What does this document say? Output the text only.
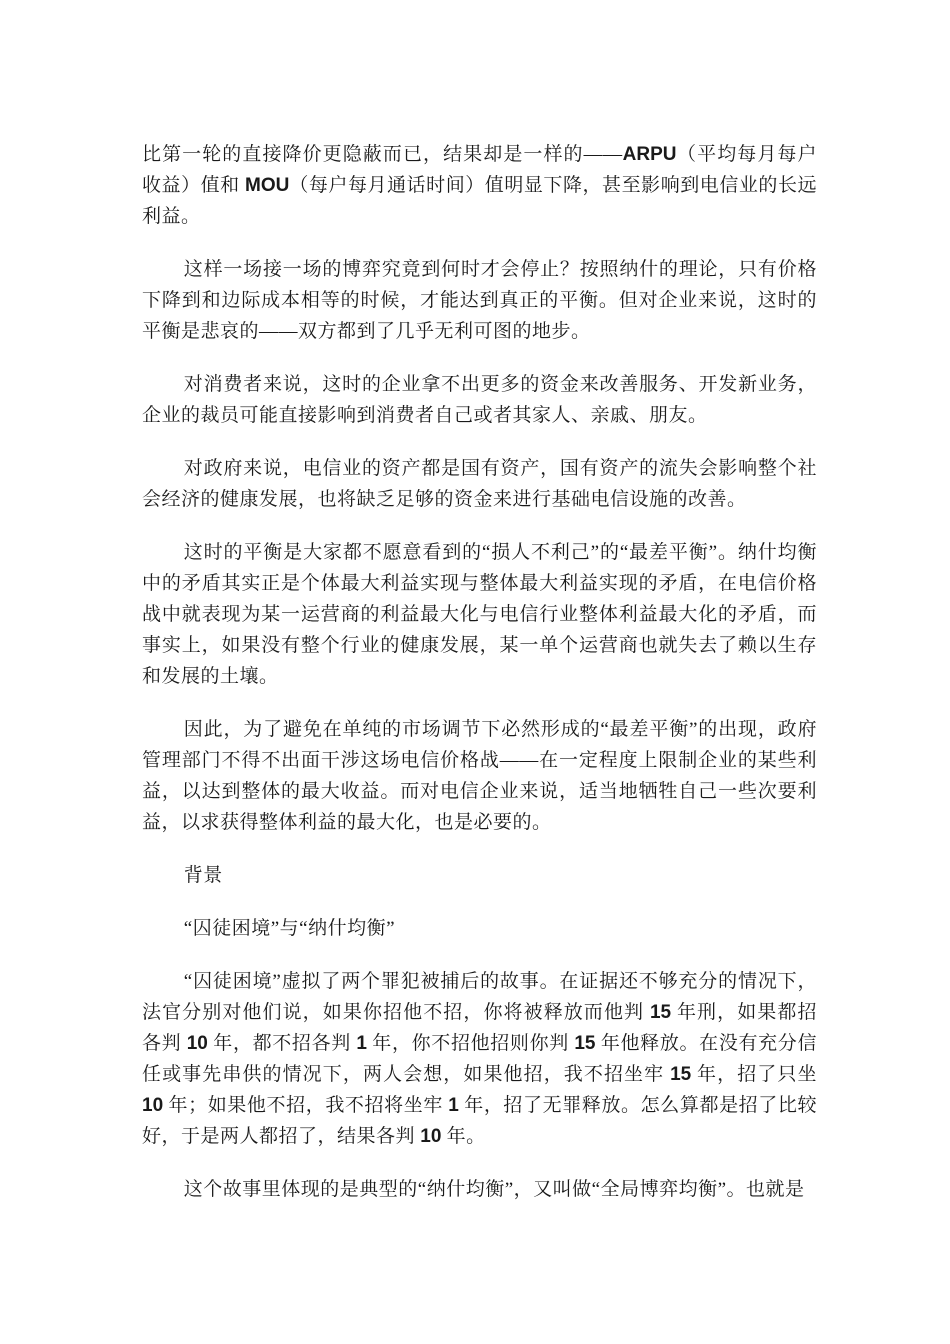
比第一轮的直接降价更隐蔽而已，结果却是一样的——ARPU（平均每月每户收益）值和 MOU（每户每月通话时间）值明显下降，甚至影响到电信业的长远利益。

这样一场接一场的博弈究竟到何时才会停止？按照纳什的理论，只有价格下降到和边际成本相等的时候，才能达到真正的平衡。但对企业来说，这时的平衡是悲哀的——双方都到了几乎无利可图的地步。

对消费者来说，这时的企业拿不出更多的资金来改善服务、开发新业务，企业的裁员可能直接影响到消费者自己或者其家人、亲戚、朋友。

对政府来说，电信业的资产都是国有资产，国有资产的流失会影响整个社会经济的健康发展，也将缺乏足够的资金来进行基础电信设施的改善。

这时的平衡是大家都不愿意看到的“损人不利己”的“最差平衡”。纳什均衡中的矛盾其实正是个体最大利益实现与整体最大利益实现的矛盾，在电信价格战中就表现为某一运营商的利益最大化与电信行业整体利益最大化的矛盾，而事实上，如果没有整个行业的健康发展，某一单个运营商也就失去了赖以生存和发展的土壤。

因此，为了避免在单纯的市场调节下必然形成的“最差平衡”的出现，政府管理部门不得不出面干涉这场电信价格战——在一定程度上限制企业的某些利益，以达到整体的最大收益。而对电信企业来说，适当地牺牲自己一些次要利益，以求获得整体利益的最大化，也是必要的。

背景

“囚徒困境”与“纳什均衡”

“囚徒困境”虚拟了两个罪犯被捕后的故事。在证据还不够充分的情况下，法官分别对他们说，如果你招他不招，你将被释放而他判 15 年刑，如果都招各判 10 年，都不招各判 1 年，你不招他招则你判 15 年他释放。在没有充分信任或事先串供的情况下，两人会想，如果他招，我不招坐牢 15 年，招了只坐 10 年；如果他不招，我不招将坐牢 1 年，招了无罪释放。怎么算都是招了比较好，于是两人都招了，结果各判 10 年。

这个故事里体现的是典型的“纳什均衡”，又叫做“全局博弈均衡”。也就是
